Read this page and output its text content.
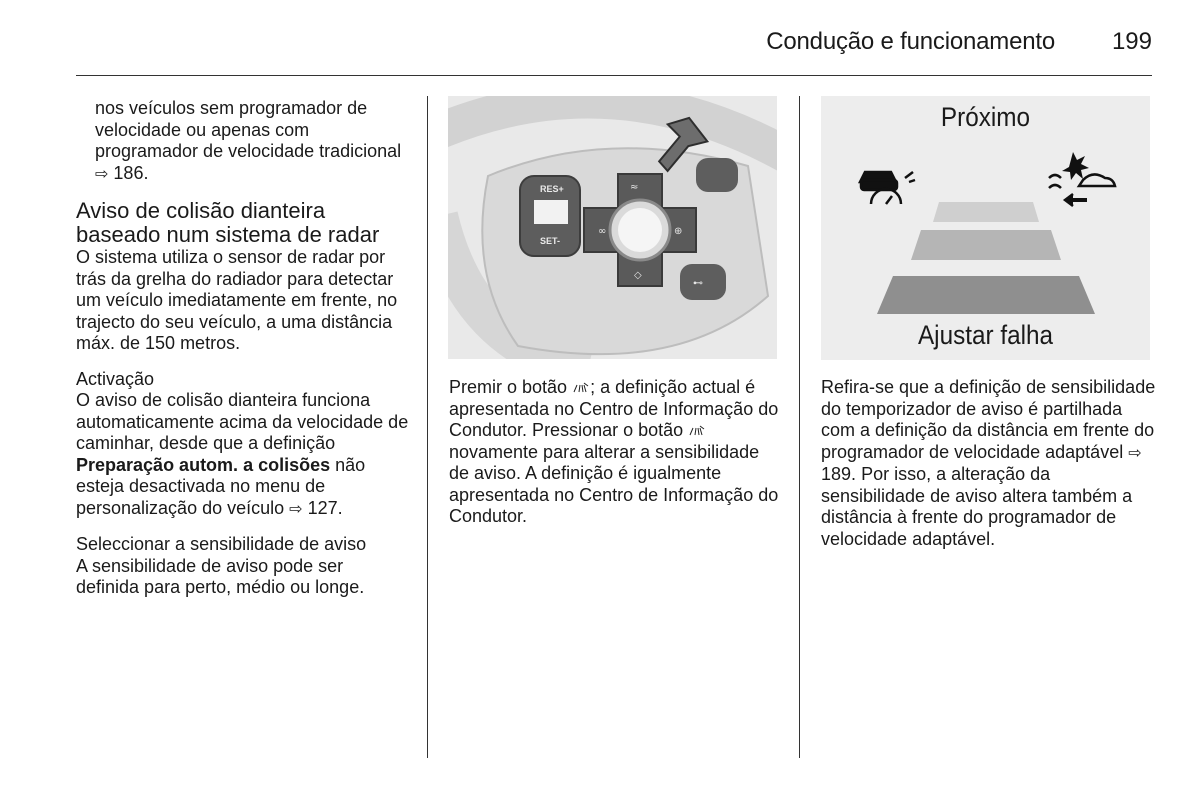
Condução e funcionamento	199

nos veículos sem programador de velocidade ou apenas com programador de velocidade tradicional ⇨ 186.

Aviso de colisão dianteira baseado num sistema de radar

O sistema utiliza o sensor de radar por trás da grelha do radiador para detectar um veículo imediatamente em frente, no trajecto do seu veículo, a uma distância máx. de 150 metros.

Activação

O aviso de colisão dianteira funciona automaticamente acima da velocidade de caminhar, desde que a definição Preparação autom. a colisões não esteja desactivada no menu de personalização do veículo ⇨ 127.

Seleccionar a sensibilidade de aviso

A sensibilidade de aviso pode ser definida para perto, médio ou longe.

RES+
SET-
≈
∞	⊕
◇
⊷

Premir o botão ; a definição actual é apresentada no Centro de Informação do Condutor. Pressionar o botão  novamente para alterar a sensibilidade de aviso. A definição é igualmente apresentada no Centro de Informação do Condutor.

Próximo
Ajustar falha

Refira-se que a definição de sensibilidade do temporizador de aviso é partilhada com a definição da distância em frente do programador de velocidade adaptável ⇨ 189. Por isso, a alteração da sensibilidade de aviso altera também a distância à frente do programador de velocidade adaptável.
